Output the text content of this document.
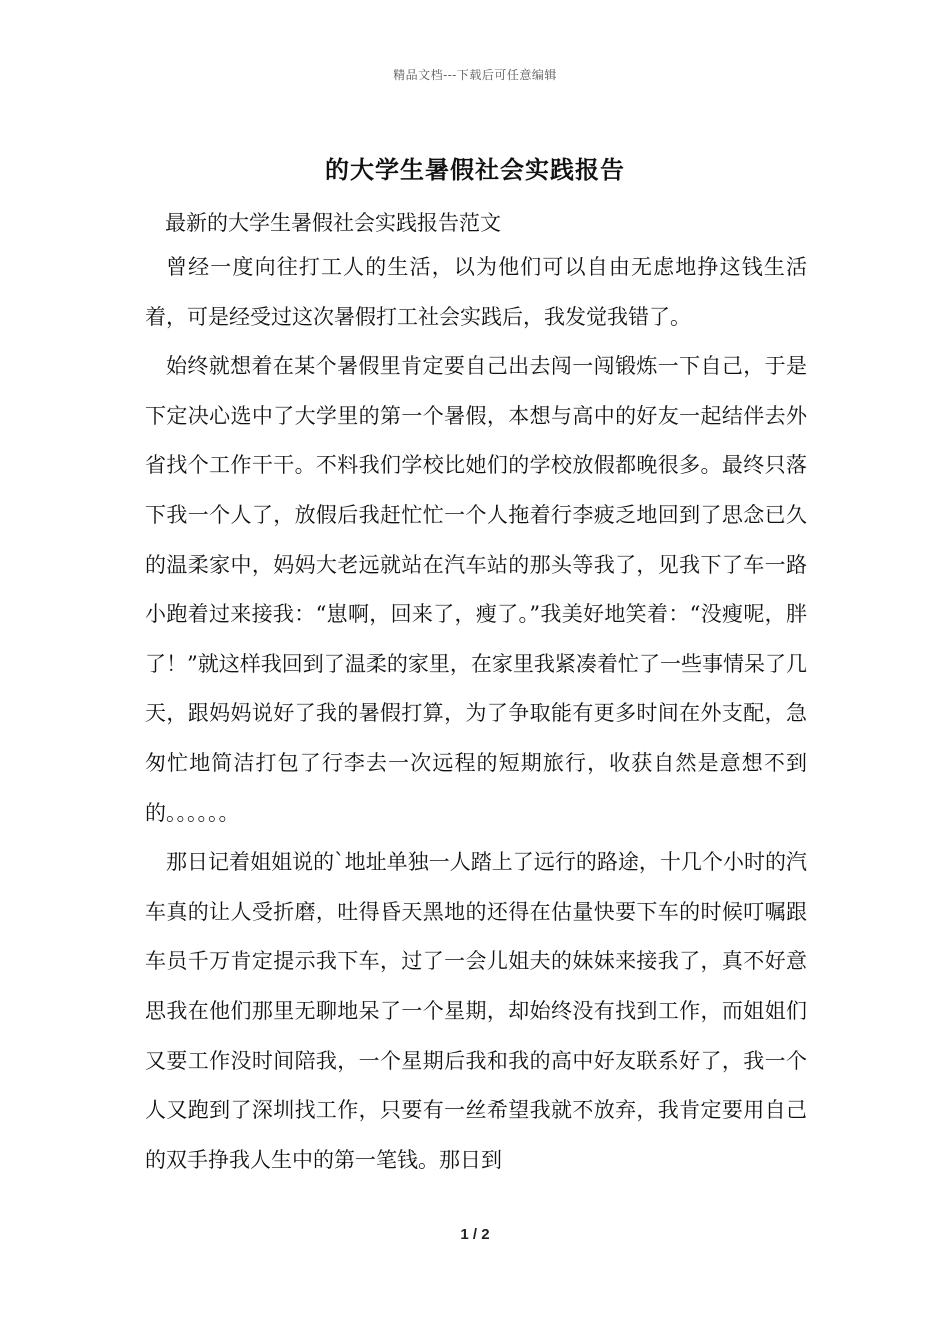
精品文档---下载后可任意编辑
的大学生暑假社会实践报告
最新的大学生暑假社会实践报告范文

曾经一度向往打工人的生活，以为他们可以自由无虑地挣这钱生活着，可是经受过这次暑假打工社会实践后，我发觉我错了。

始终就想着在某个暑假里肯定要自己出去闯一闯锻炼一下自己，于是下定决心选中了大学里的第一个暑假，本想与高中的好友一起结伴去外省找个工作干干。不料我们学校比她们的学校放假都晚很多。最终只落下我一个人了，放假后我赶忙忙一个人拖着行李疲乏地回到了思念已久的温柔家中，妈妈大老远就站在汽车站的那头等我了，见我下了车一路小跑着过来接我：“崽啊，回来了，瘦了。”我美好地笑着：“没瘦呢，胖了！”就这样我回到了温柔的家里，在家里我紧凑着忙了一些事情呆了几天，跟妈妈说好了我的暑假打算，为了争取能有更多时间在外支配，急匆忙地简洁打包了行李去一次远程的短期旅行，收获自然是意想不到的。。。。。。

那日记着姐姐说的`地址单独一人踏上了远行的路途，十几个小时的汽车真的让人受折磨，吐得昏天黑地的还得在估量快要下车的时候叮嘱跟车员千万肯定提示我下车，过了一会儿姐夫的妹妹来接我了，真不好意思我在他们那里无聊地呆了一个星期，却始终没有找到工作，而姐姐们又要工作没时间陪我，一个星期后我和我的高中好友联系好了，我一个人又跑到了深圳找工作，只要有一丝希望我就不放弃，我肯定要用自己的双手挣我人生中的第一笔钱。那日到

1 / 2
